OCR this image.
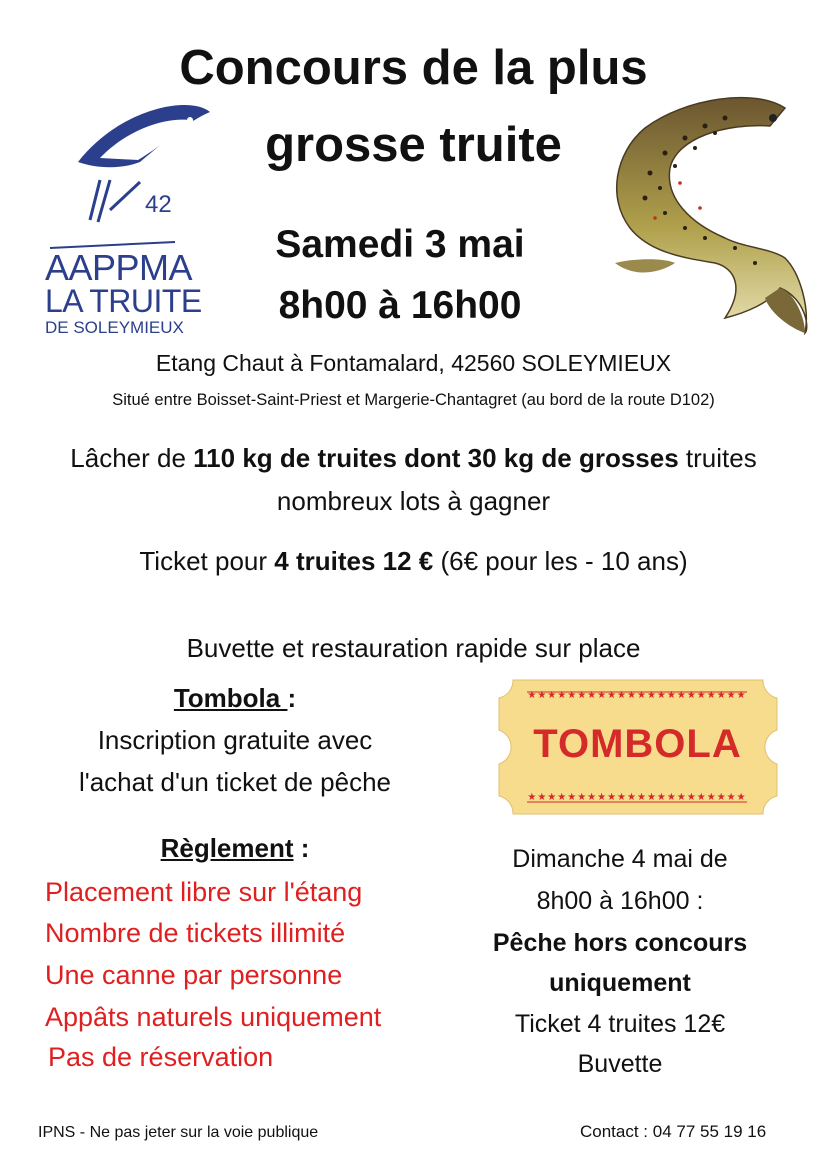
Concours de la plus
grosse truite
42
AAPPMA
LA TRUITE
DE SOLEYMIEUX
Samedi 3 mai
8h00 à 16h00
Etang Chaut à Fontamalard, 42560 SOLEYMIEUX
Situé entre Boisset-Saint-Priest et Margerie-Chantagret (au bord de la route D102)
Lâcher de 110 kg de truites dont 30 kg de grosses truites
nombreux lots à gagner
Ticket pour 4 truites 12 € (6€ pour les - 10 ans)
Buvette et restauration rapide sur place
Tombola :
Inscription gratuite avec
l'achat d'un ticket de pêche
★★★★★★★★★★★★★★★★★★★★★★
★★★★★★★★★★★★★★★★★★★★★★
TOMBOLA
Règlement :
Placement libre sur l'étang
Nombre de tickets illimité
Une canne par personne
Appâts naturels uniquement
Pas de réservation
Dimanche 4 mai de
8h00 à 16h00 :
Pêche hors concours
uniquement
Ticket 4 truites 12€
Buvette
IPNS - Ne pas jeter sur la voie publique	Contact : 04 77 55 19 16
